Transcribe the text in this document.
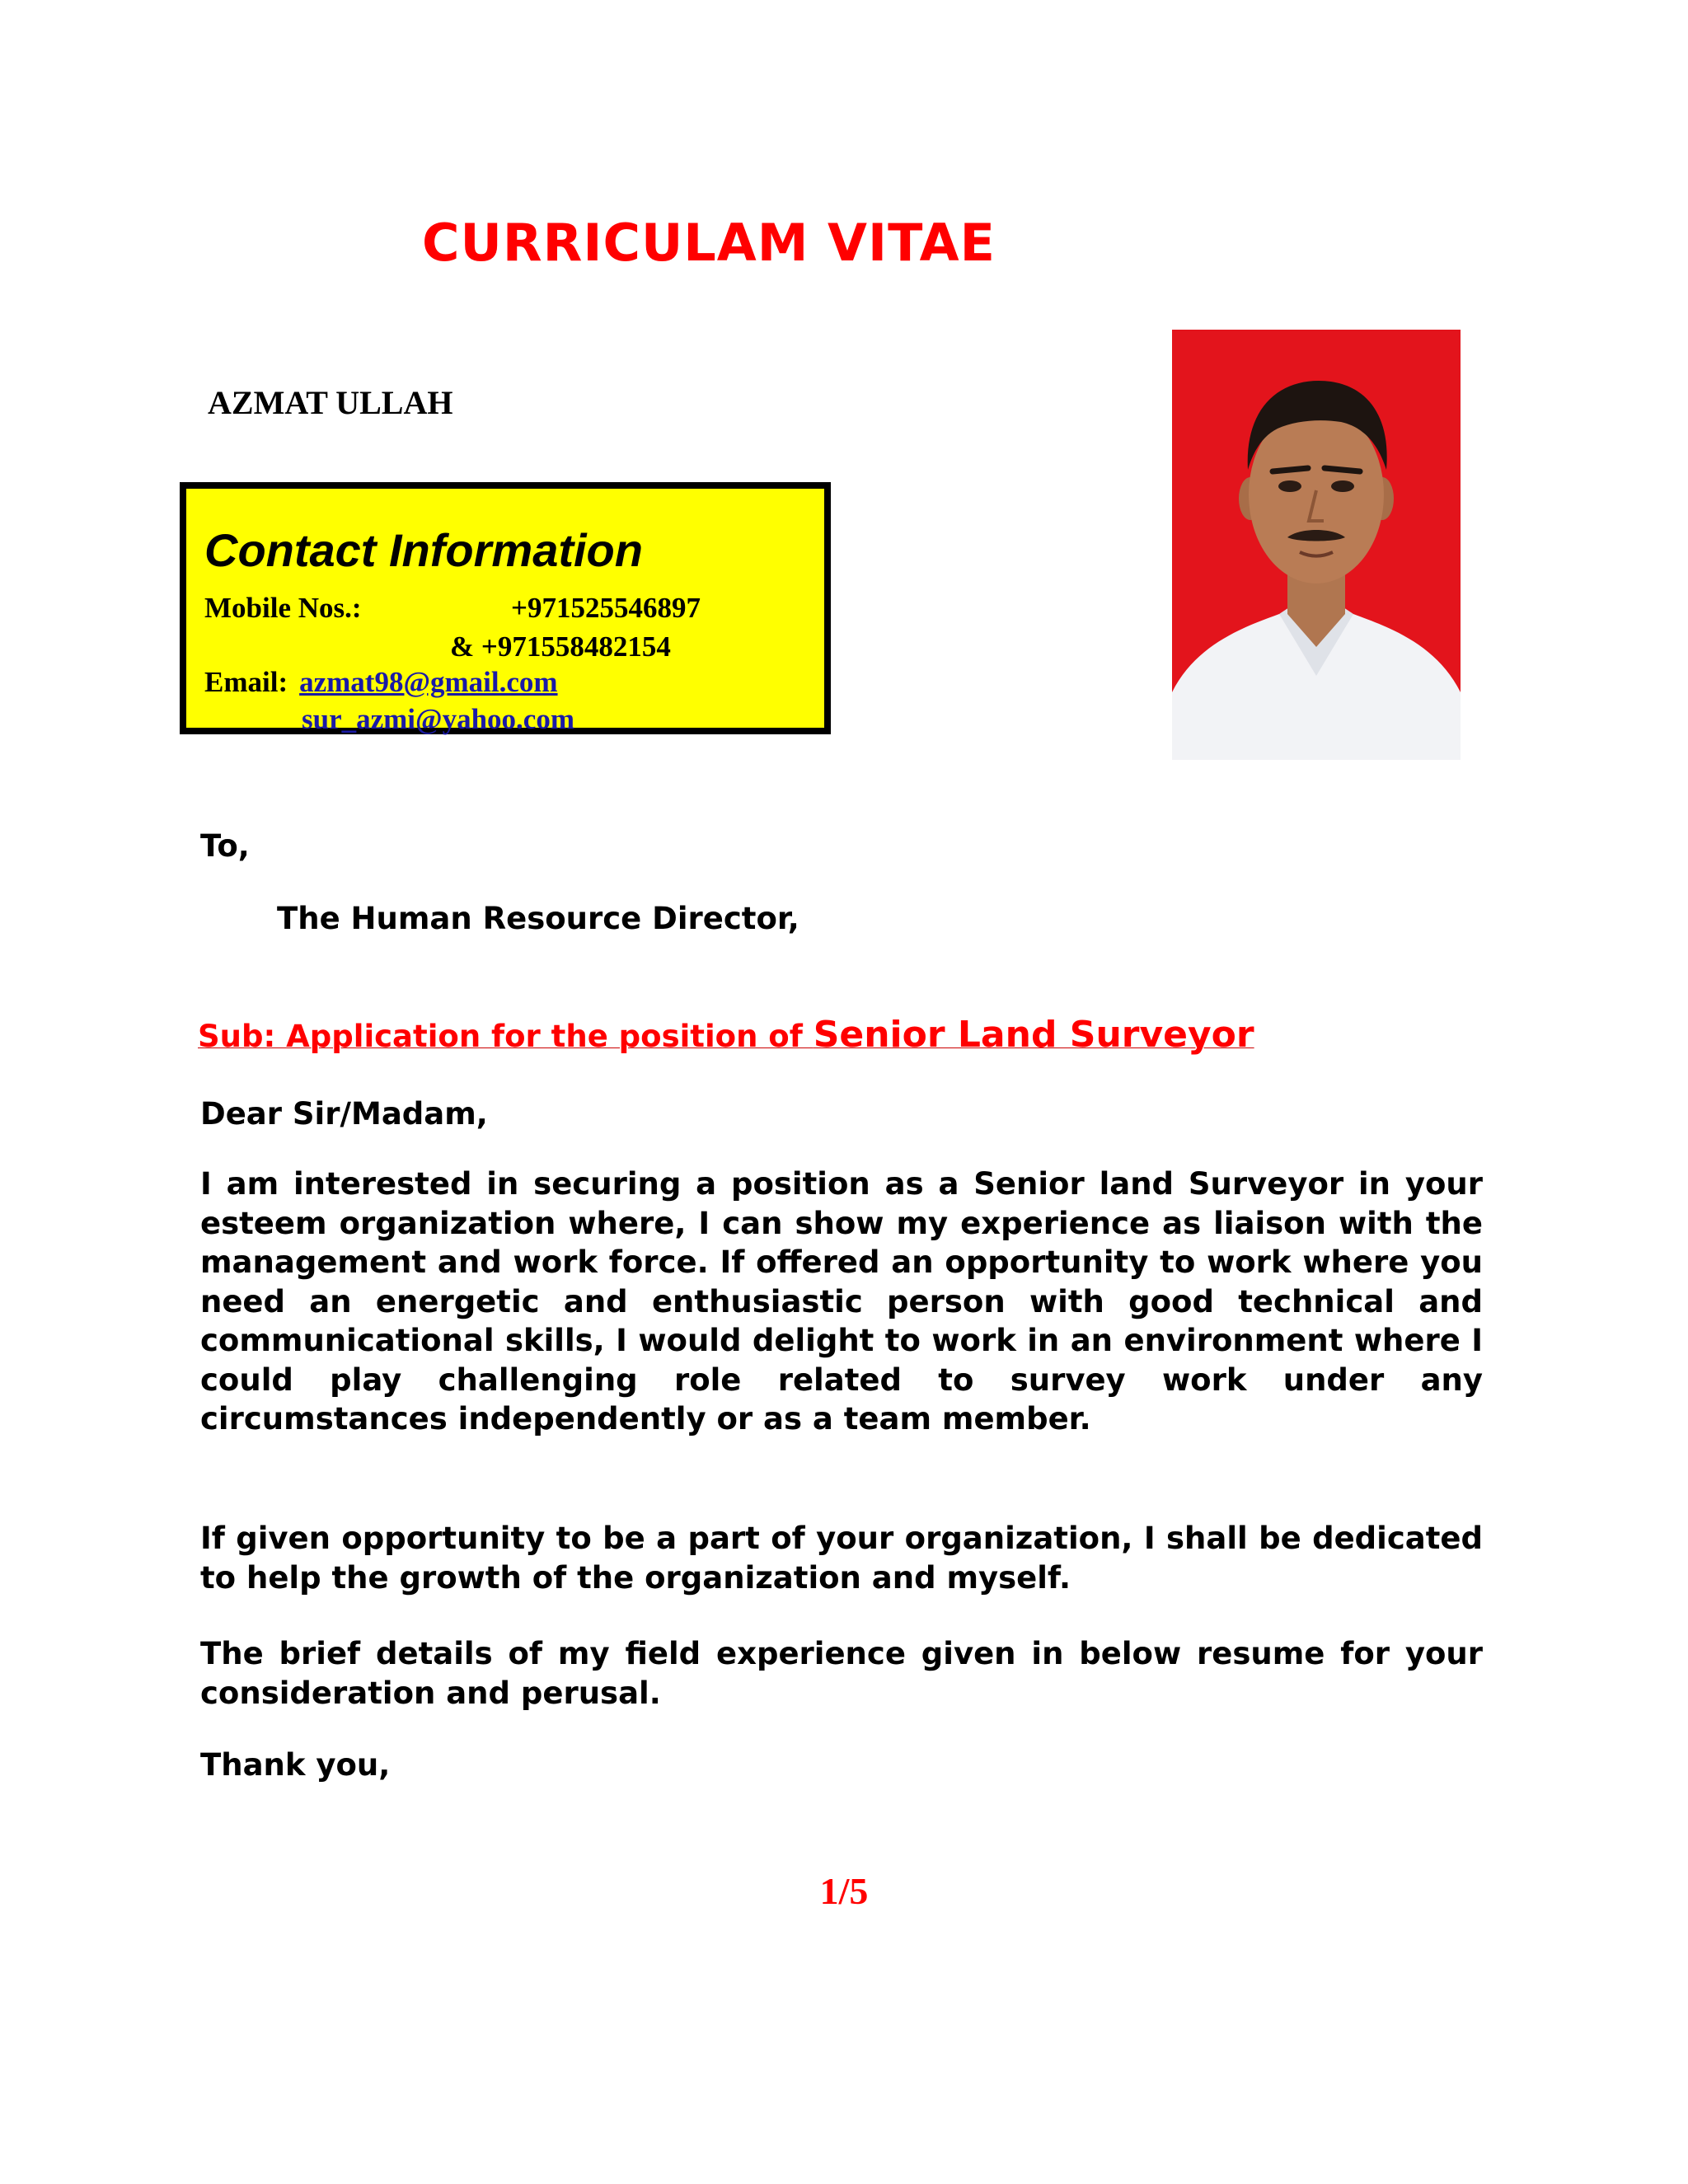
CURRICULAM VITAE
AZMAT ULLAH
Contact Information
Mobile Nos.:	+971525546897
& +971558482154
Email: azmat98@gmail.com
sur_azmi@yahoo.com
To,
The Human Resource Director,
Sub: Application for the position of Senior Land Surveyor
Dear Sir/Madam,

I am interested in securing a position as a Senior land Surveyor in your esteem organization where, I can show my experience as liaison with the management and work force. If offered an opportunity to work where you need an energetic and enthusiastic person with good technical and communicational skills, I would delight to work in an environment where I could play challenging role related to survey work under any circumstances independently or as a team member.

If given opportunity to be a part of your organization, I shall be dedicated to help the growth of the organization and myself.

The brief details of my field experience given in below resume for your consideration and perusal.

Thank you,
1/5
